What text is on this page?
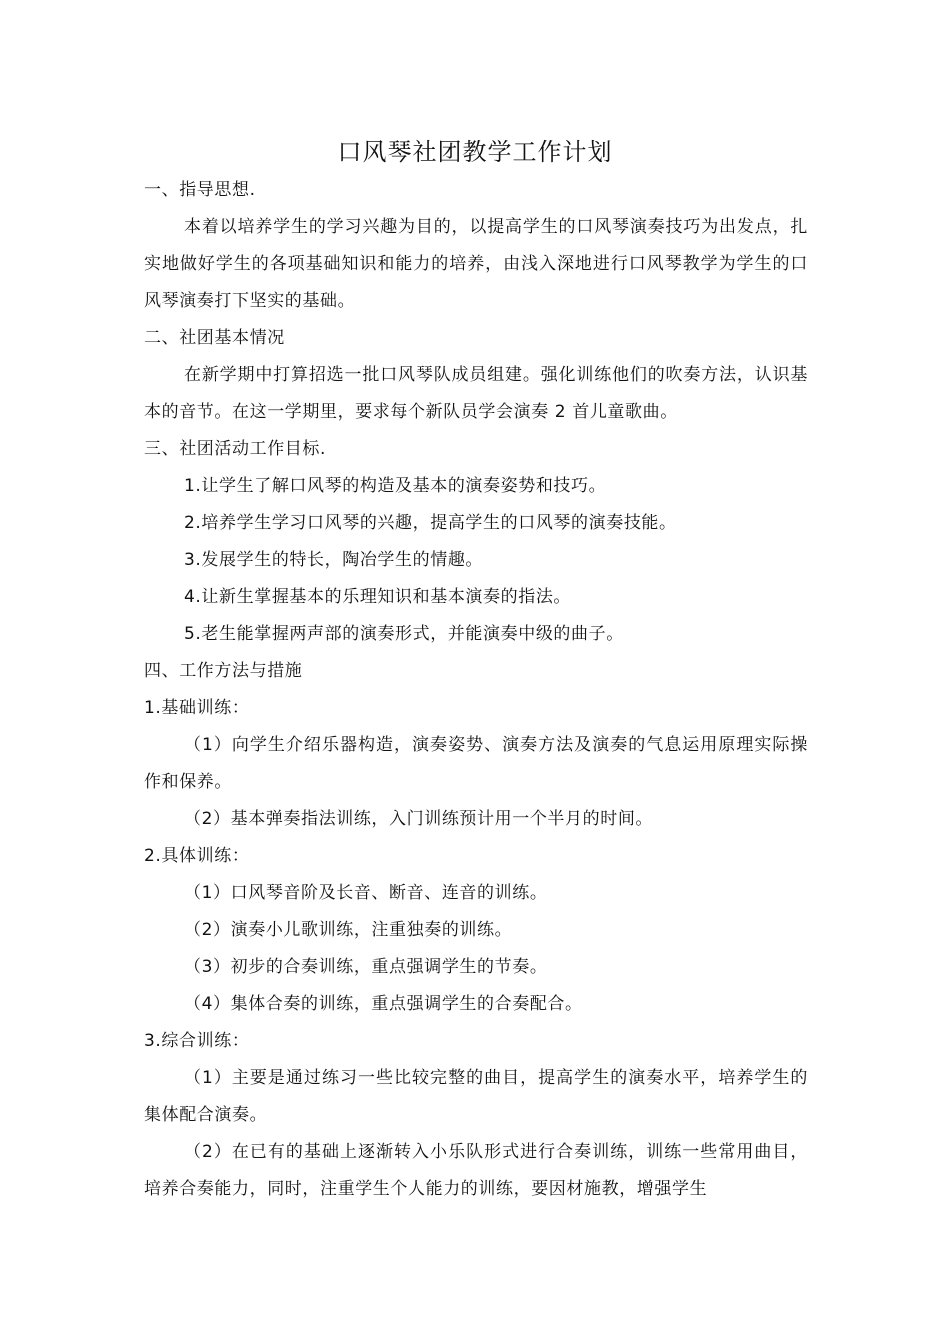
口风琴社团教学工作计划

一、指导思想.

本着以培养学生的学习兴趣为目的，以提高学生的口风琴演奏技巧为出发点，扎实地做好学生的各项基础知识和能力的培养，由浅入深地进行口风琴教学为学生的口风琴演奏打下坚实的基础。

二、社团基本情况

在新学期中打算招选一批口风琴队成员组建。强化训练他们的吹奏方法，认识基本的音节。在这一学期里，要求每个新队员学会演奏 2 首儿童歌曲。

三、社团活动工作目标.

1.让学生了解口风琴的构造及基本的演奏姿势和技巧。

2.培养学生学习口风琴的兴趣，提高学生的口风琴的演奏技能。

3.发展学生的特长，陶冶学生的情趣。

4.让新生掌握基本的乐理知识和基本演奏的指法。

5.老生能掌握两声部的演奏形式，并能演奏中级的曲子。

四、工作方法与措施

1.基础训练：

（1）向学生介绍乐器构造，演奏姿势、演奏方法及演奏的气息运用原理实际操作和保养。

（2）基本弹奏指法训练，入门训练预计用一个半月的时间。

2.具体训练：

（1）口风琴音阶及长音、断音、连音的训练。

（2）演奏小儿歌训练，注重独奏的训练。

（3）初步的合奏训练，重点强调学生的节奏。

（4）集体合奏的训练，重点强调学生的合奏配合。

3.综合训练：

（1）主要是通过练习一些比较完整的曲目，提高学生的演奏水平，培养学生的集体配合演奏。

（2）在已有的基础上逐渐转入小乐队形式进行合奏训练，训练一些常用曲目，培养合奏能力，同时，注重学生个人能力的训练，要因材施教，增强学生
